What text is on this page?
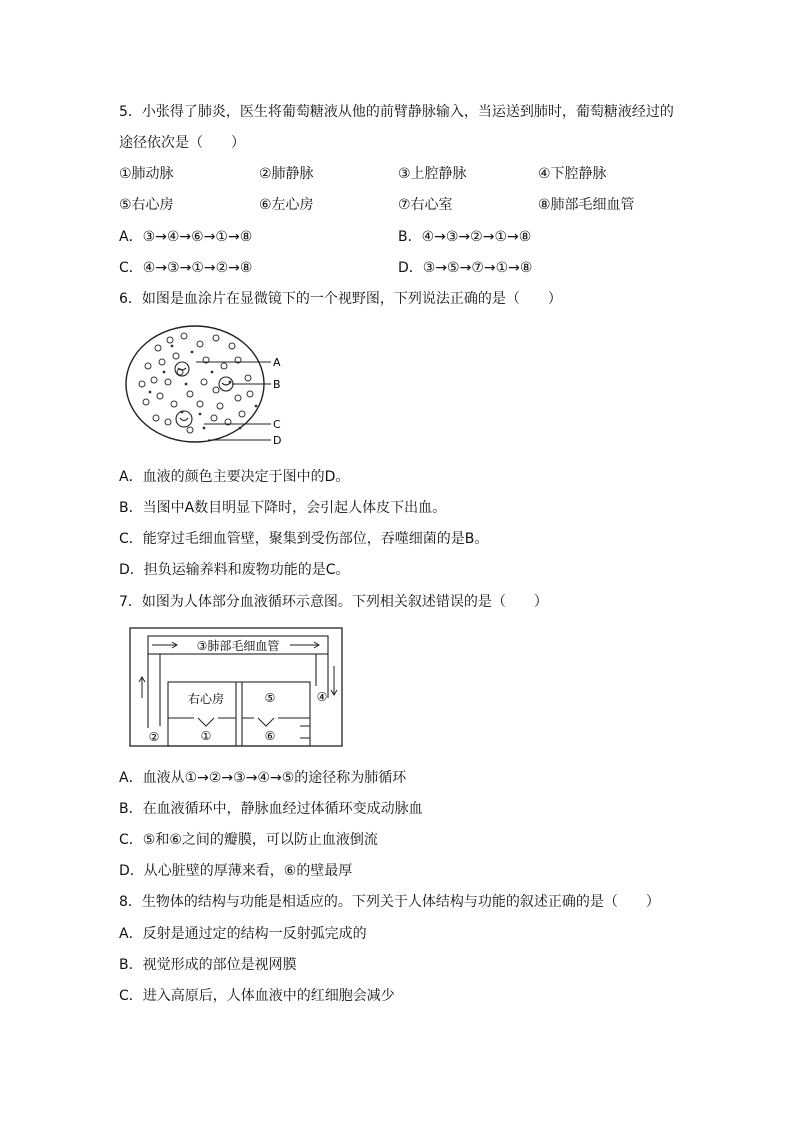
5．小张得了肺炎，医生将葡萄糖液从他的前臂静脉输入，当运送到肺时，葡萄糖液经过的
途径依次是（　　）
①肺动脉	②肺静脉	③上腔静脉	④下腔静脉
⑤右心房	⑥左心房	⑦右心室	⑧肺部毛细血管
A．③→④→⑥→①→⑧	B．④→③→②→①→⑧
C．④→③→①→②→⑧	D．③→⑤→⑦→①→⑧
6．如图是血涂片在显微镜下的一个视野图，下列说法正确的是（　　）
A
B
C
D
A．血液的颜色主要决定于图中的D。
B．当图中A数目明显下降时，会引起人体皮下出血。
C．能穿过毛细血管壁，聚集到受伤部位，吞噬细菌的是B。
D．担负运输养料和废物功能的是C。
7．如图为人体部分血液循环示意图。下列相关叙述错误的是（　　）
③肺部毛细血管
右心房
①
②
④
⑤
⑥
A．血液从①→②→③→④→⑤的途径称为肺循环
B．在血液循环中，静脉血经过体循环变成动脉血
C．⑤和⑥之间的瓣膜，可以防止血液倒流
D．从心脏壁的厚薄来看，⑥的壁最厚
8．生物体的结构与功能是相适应的。下列关于人体结构与功能的叙述正确的是（　　）
A．反射是通过定的结构一反射弧完成的
B．视觉形成的部位是视网膜
C．进入高原后，人体血液中的红细胞会减少
